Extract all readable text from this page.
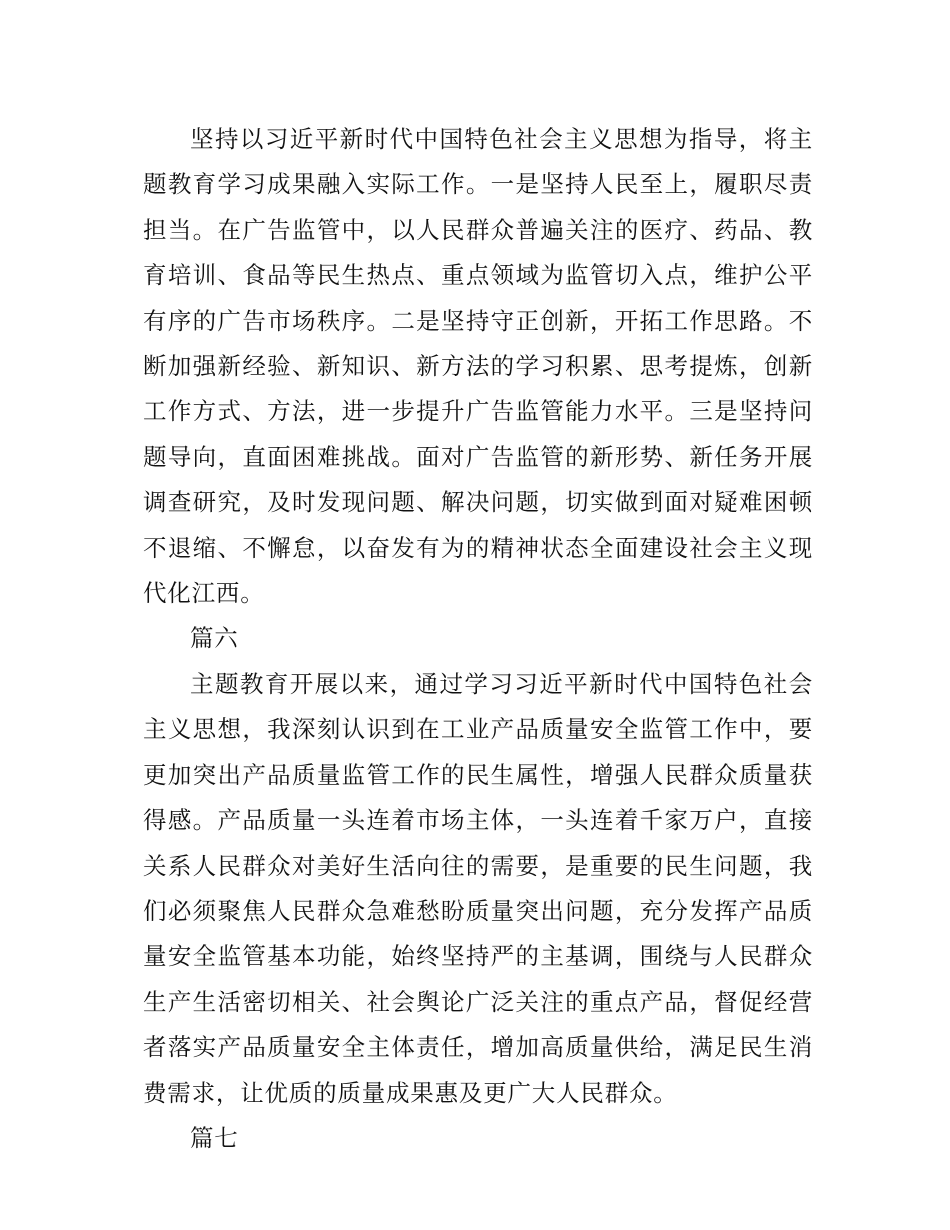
坚持以习近平新时代中国特色社会主义思想为指导，将主题教育学习成果融入实际工作。一是坚持人民至上，履职尽责担当。在广告监管中，以人民群众普遍关注的医疗、药品、教育培训、食品等民生热点、重点领域为监管切入点，维护公平有序的广告市场秩序。二是坚持守正创新，开拓工作思路。不断加强新经验、新知识、新方法的学习积累、思考提炼，创新工作方式、方法，进一步提升广告监管能力水平。三是坚持问题导向，直面困难挑战。面对广告监管的新形势、新任务开展调查研究，及时发现问题、解决问题，切实做到面对疑难困顿不退缩、不懈怠，以奋发有为的精神状态全面建设社会主义现代化江西。

篇六

主题教育开展以来，通过学习习近平新时代中国特色社会主义思想，我深刻认识到在工业产品质量安全监管工作中，要更加突出产品质量监管工作的民生属性，增强人民群众质量获得感。产品质量一头连着市场主体，一头连着千家万户，直接关系人民群众对美好生活向往的需要，是重要的民生问题，我们必须聚焦人民群众急难愁盼质量突出问题，充分发挥产品质量安全监管基本功能，始终坚持严的主基调，围绕与人民群众生产生活密切相关、社会舆论广泛关注的重点产品，督促经营者落实产品质量安全主体责任，增加高质量供给，满足民生消费需求，让优质的质量成果惠及更广大人民群众。

篇七
